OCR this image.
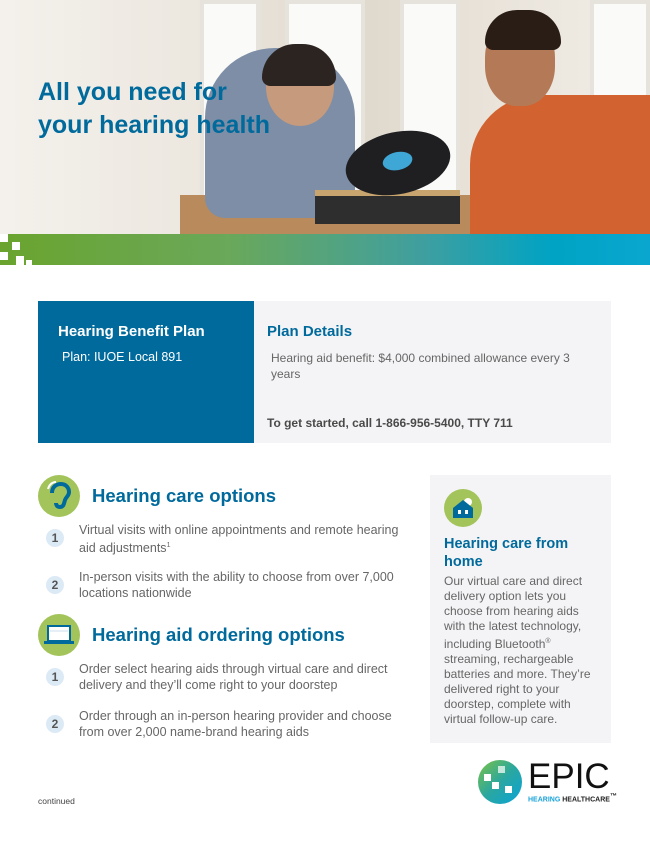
All you need for your hearing health
Hearing Benefit Plan

Plan: IUOE Local 891

Plan Details

Hearing aid benefit: $4,000 combined allowance every 3 years

To get started, call 1-866-956-5400, TTY 711
Hearing care options
1

Virtual visits with online appointments and remote hearing aid adjustments$^1$

2

In-person visits with the ability to choose from over 7,000 locations nationwide

Hearing aid ordering options
1

Order select hearing aids through virtual care and direct delivery and they’ll come right to your doorstep

2

Order through an in-person hearing provider and choose from over 2,000 name-brand hearing aids

Hearing care from home

Our virtual care and direct delivery option lets you choose from hearing aids with the latest technology, including Bluetooth® streaming, rechargeable batteries and more. They’re delivered right to your doorstep, complete with virtual follow-up care.

EPIC
HEARING HEALTHCARE™
continued
